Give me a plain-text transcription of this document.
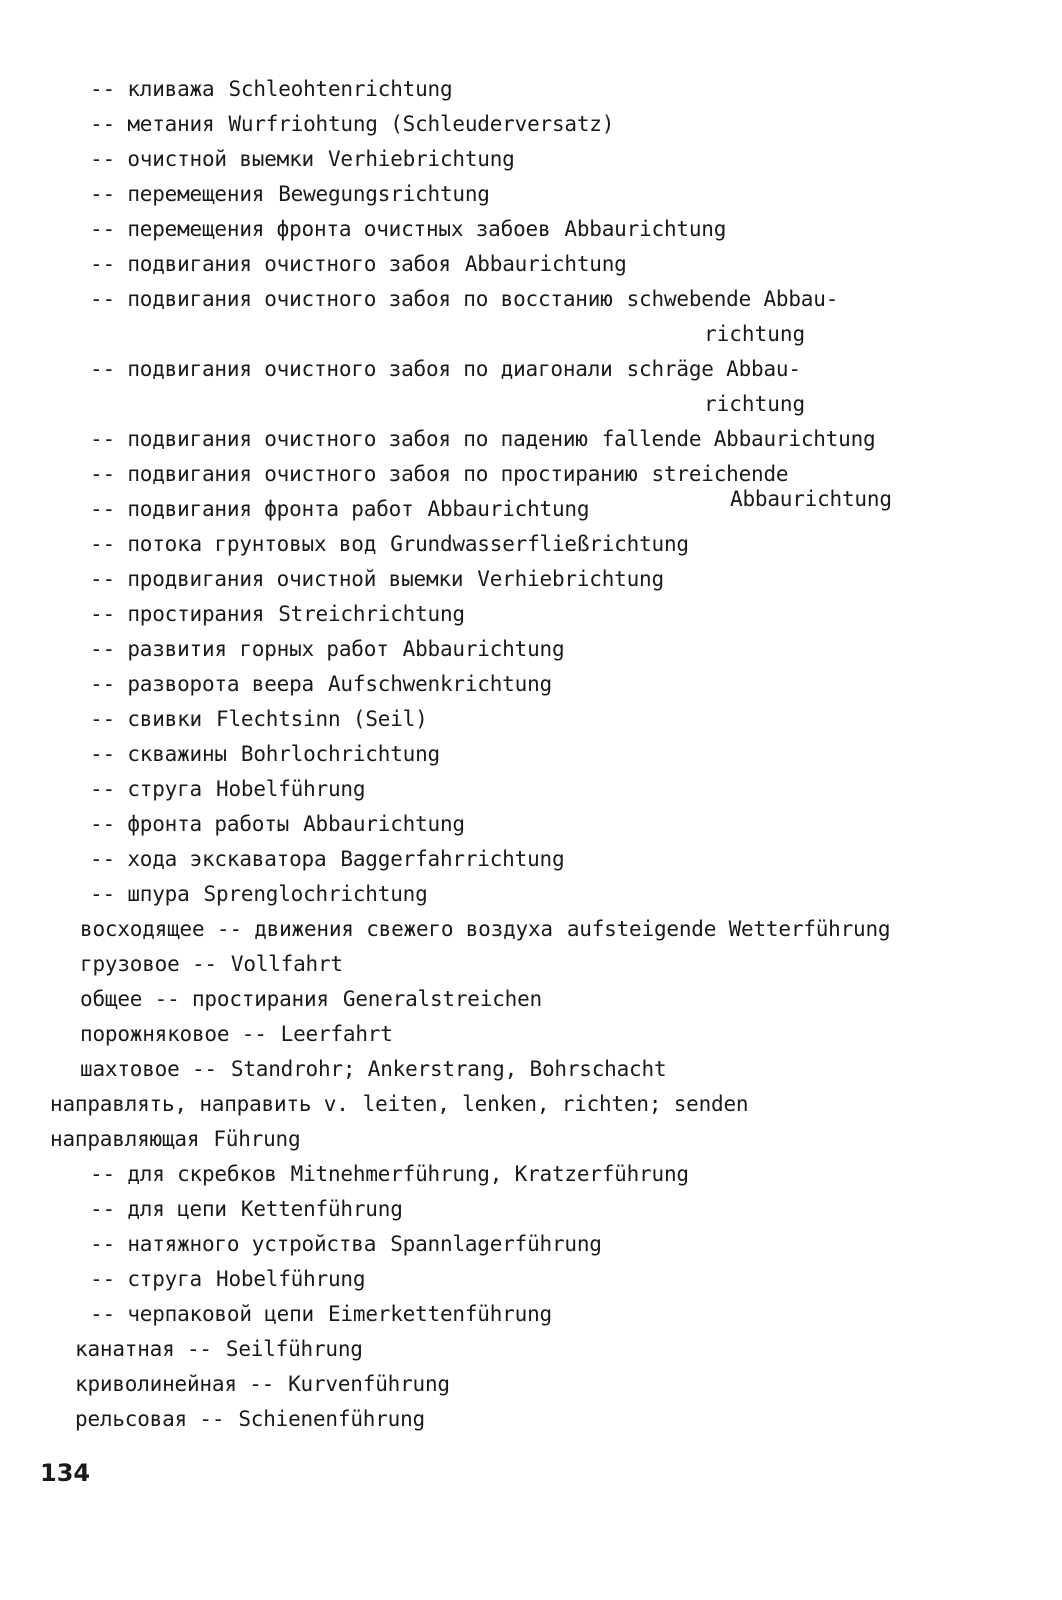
-- кливажа Schleohtenrichtung
-- метания Wurfriohtung (Schleuderversatz)
-- очистной выемки Verhiebrichtung
-- перемещения Bewegungsrichtung
-- перемещения фронта очистных забоев Abbaurichtung
-- подвигания очистного забоя Abbaurichtung
-- подвигания очистного забоя по восстанию schwebende Abbau-
richtung
-- подвигания очистного забоя по диагонали schräge Abbau-
richtung
-- подвигания очистного забоя по падению fallende Abbaurichtung
-- подвигания очистного забоя по простиранию streichende
-- подвигания фронта работ Abbaurichtung	Abbaurichtung
-- потока грунтовых вод Grundwasserfließrichtung
-- продвигания очистной выемки Verhiebrichtung
-- простирания Streichrichtung
-- развития горных работ Abbaurichtung
-- разворота веера Aufschwenkrichtung
-- свивки Flechtsinn (Seil)
-- скважины Bohrlochrichtung
-- струга Hobelführung
-- фронта работы Abbaurichtung
-- хода экскаватора Baggerfahrrichtung
-- шпура Sprenglochrichtung
восходящее -- движения свежего воздуха aufsteigende Wetterführung
грузовое -- Vollfahrt
общее -- простирания Generalstreichen
порожняковое -- Leerfahrt
шахтовое -- Standrohr; Ankerstrang, Bohrschacht
направлять, направить v. leiten, lenken, richten; senden
направляющая Führung
-- для скребков Mitnehmerführung, Kratzerführung
-- для цепи Kettenführung
-- натяжного устройства Spannlagerführung
-- струга Hobelführung
-- черпаковой цепи Eimerkettenführung
канатная -- Seilführung
криволинейная -- Kurvenführung
рельсовая -- Schienenführung
134
